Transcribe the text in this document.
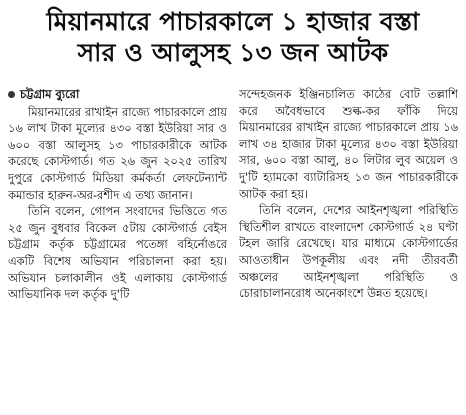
মিয়ানমারে পাচারকালে ১ হাজার বস্তা
সার ও আলুসহ ১৩ জন আটক
চট্টগ্রাম ব্যুরো

মিয়ানমারের রাখাইন রাজ্যে পাচারকালে প্রায় ১৬ লাখ টাকা মূল্যের ৪৩০ বস্তা ইউরিয়া সার ও ৬০০ বস্তা আলুসহ ১৩ পাচারকারীকে আটক করেছে কোস্টগার্ড। গত ২৬ জুন ২০২৫ তারিখ দুপুরে কোস্টগার্ড মিডিয়া কর্মকর্তা লেফটেন্যান্ট কমান্ডার হারুন-অর-রশীদ এ তথ্য জানান।

তিনি বলেন, গোপন সংবাদের ভিত্তিতে গত ২৫ জুন বুধবার বিকেল ৫টায় কোস্টগার্ড বেইস চট্টগ্রাম কর্তৃক চট্টগ্রামের পতেঙ্গা বহির্নোঙরে একটি বিশেষ অভিযান পরিচালনা করা হয়। অভিযান চলাকালীন ওই এলাকায় কোস্টগার্ড আভিযানিক দল কর্তৃক দু'টি

সন্দেহজনক ইঞ্জিনচালিত কাঠের বোট তল্লাশি করে অবৈধভাবে শুল্ক-কর ফাঁকি দিয়ে মিয়ানমারের রাখাইন রাজ্যে পাচারকালে প্রায় ১৬ লাখ ৩৪ হাজার টাকা মূল্যের ৪৩০ বস্তা ইউরিয়া সার, ৬০০ বস্তা আলু, ৪০ লিটার লুব অয়েল ও দু'টি হ্যামকো ব্যাটারিসহ ১৩ জন পাচারকারীকে আটক করা হয়।

তিনি বলেন, দেশের আইনশৃঙ্খলা পরিস্থিতি স্থিতিশীল রাখতে বাংলাদেশ কোস্টগার্ড ২৪ ঘণ্টা টহল জারি রেখেছে। যার মাধ্যমে কোস্টগার্ডের আওতাধীন উপকূলীয় এবং নদী তীরবর্তী অঞ্চলের আইনশৃঙ্খলা পরিস্থিতি ও চোরাচালানরোধ অনেকাংশে উন্নত হয়েছে।
